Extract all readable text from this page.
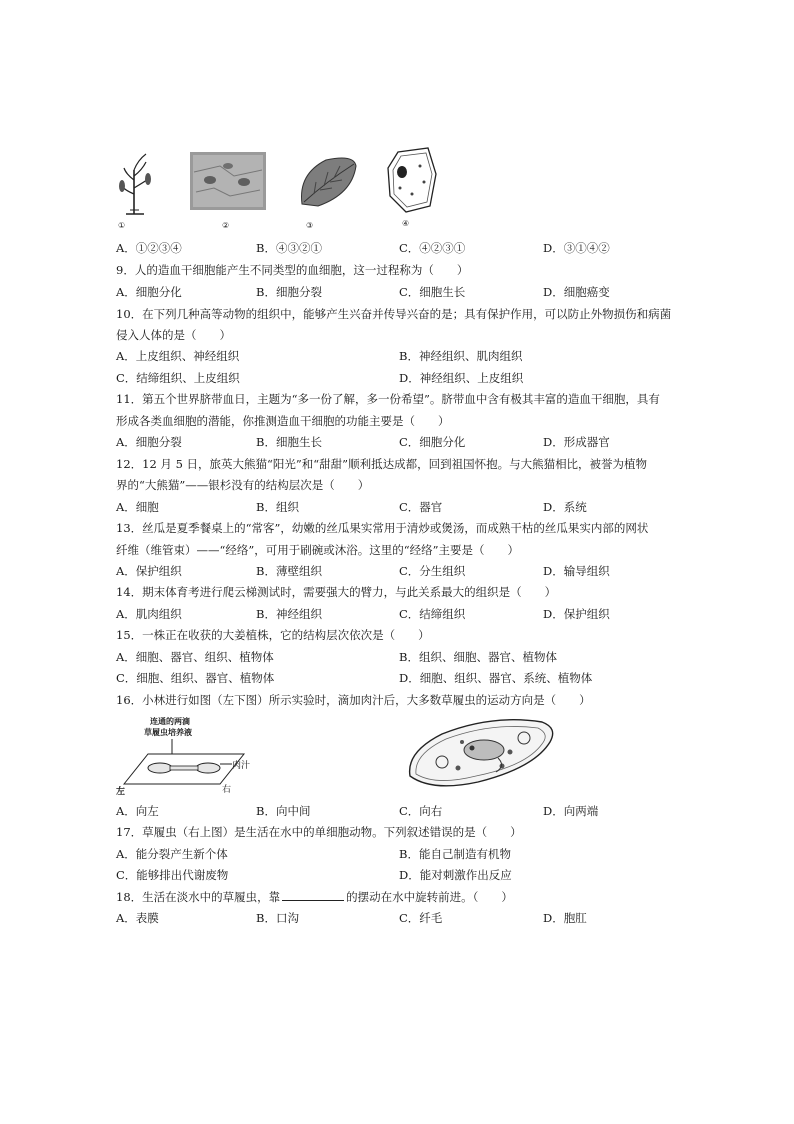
①	②	③	④
A．①②③④	B．④③②①	C．④②③①	D．③①④②
9．人的造血干细胞能产生不同类型的血细胞，这一过程称为（　　）
A．细胞分化	B．细胞分裂	C．细胞生长	D．细胞癌变
10．在下列几种高等动物的组织中，能够产生兴奋并传导兴奋的是；具有保护作用，可以防止外物损伤和病菌
侵入人体的是（　　）
A．上皮组织、神经组织	B．神经组织、肌肉组织
C．结缔组织、上皮组织	D．神经组织、上皮组织
11．第五个世界脐带血日，主题为“多一份了解，多一份希望”。脐带血中含有极其丰富的造血干细胞，具有
形成各类血细胞的潜能，你推测造血干细胞的功能主要是（　　）
A．细胞分裂	B．细胞生长	C．细胞分化	D．形成器官
12．12 月 5 日，旅英大熊猫“阳光”和“甜甜”顺利抵达成都，回到祖国怀抱。与大熊猫相比，被誉为植物
界的“大熊猫”——银杉没有的结构层次是（　　）
A．细胞	B．组织	C．器官	D．系统
13．丝瓜是夏季餐桌上的“常客”，幼嫩的丝瓜果实常用于清炒或煲汤，而成熟干枯的丝瓜果实内部的网状
纤维（维管束）——“经络”，可用于刷碗或沐浴。这里的“经络”主要是（　　）
A．保护组织	B．薄壁组织	C．分生组织	D．输导组织
14．期末体育考进行爬云梯测试时，需要强大的臂力，与此关系最大的组织是（　　）
A．肌肉组织	B．神经组织	C．结缔组织	D．保护组织
15．一株正在收获的大姜植株，它的结构层次依次是（　　）
A．细胞、器官、组织、植物体	B．组织、细胞、器官、植物体
C．细胞、组织、器官、植物体	D．细胞、组织、器官、系统、植物体
16．小林进行如图（左下图）所示实验时，滴加肉汁后，大多数草履虫的运动方向是（　　）
连通的两滴
草履虫培养液
肉汁
左	右
A．向左	B．向中间	C．向右	D．向两端
17．草履虫（右上图）是生活在水中的单细胞动物。下列叙述错误的是（　　）
A．能分裂产生新个体	B．能自己制造有机物
C．能够排出代谢废物	D．能对刺激作出反应
18．生活在淡水中的草履虫，靠	的摆动在水中旋转前进。（　　）
A．表膜	B．口沟	C．纤毛	D．胞肛
